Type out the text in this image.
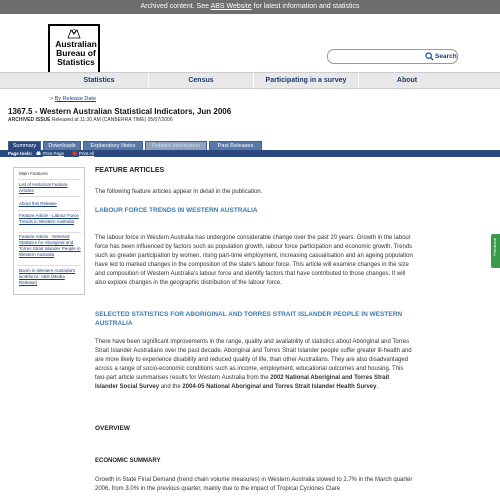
Archived content. See ABS Website for latest information and statistics
Australian
Bureau of
Statistics
Search
Statistics	Census	Participating in a survey	About
> By Release Date
1367.5 - Western Australian Statistical Indicators, Jun 2006
ARCHIVED ISSUE Released at 11:30 AM (CANBERRA TIME) 05/07/2006
Summary	Downloads	Explanatory Notes	Related Information	Past Releases
Page tools: Print Page	Print All
Main Features
List of Historical Feature Articles
About this Release
Feature Article - Labour Force Trends in Western Australia
Feature Article - Selected Statistics for Aboriginal and Torres Strait Islander People in Western Australia
Boom in Western Australia's workforce: ABS (Media Release)
FEATURE ARTICLES
The following feature articles appear in detail in the publication.
LABOUR FORCE TRENDS IN WESTERN AUSTRALIA
The labour force in Western Australia has undergone considerable change over the past 20 years. Growth in the labour force has been influenced by factors such as population growth, labour force participation and economic growth. Trends such as greater participation by women, rising part-time employment, increasing casualisation and an ageing population have led to marked changes in the composition of the state's labour force. This article will examine changes in the size and composition of Western Australia's labour force and identify factors that have contributed to those changes. It will also explore changes in the geographic distribution of the labour force.
SELECTED STATISTICS FOR ABORIGINAL AND TORRES STRAIT ISLANDER PEOPLE IN WESTERN AUSTRALIA
There have been significant improvements in the range, quality and availability of statistics about Aboriginal and Torres Strait Islander Australians over the past decade. Aboriginal and Torres Strait Islander people suffer greater ill-health and are more likely to experience disability and reduced quality of life, than other Australians. They are also disadvantaged across a range of socio-economic conditions such as income, employment, educational outcomes and housing. This two-part article summarises results for Western Australia from the 2002 National Aboriginal and Torres Strait Islander Social Survey and the 2004-05 National Aboriginal and Torres Strait Islander Health Survey.
OVERVIEW
ECONOMIC SUMMARY
Growth in State Final Demand (trend chain volume measures) in Western Australia slowed to 2.7% in the March quarter 2006, from 3.0% in the previous quarter, mainly due to the impact of Tropical Cyclones Clare
Feedback
